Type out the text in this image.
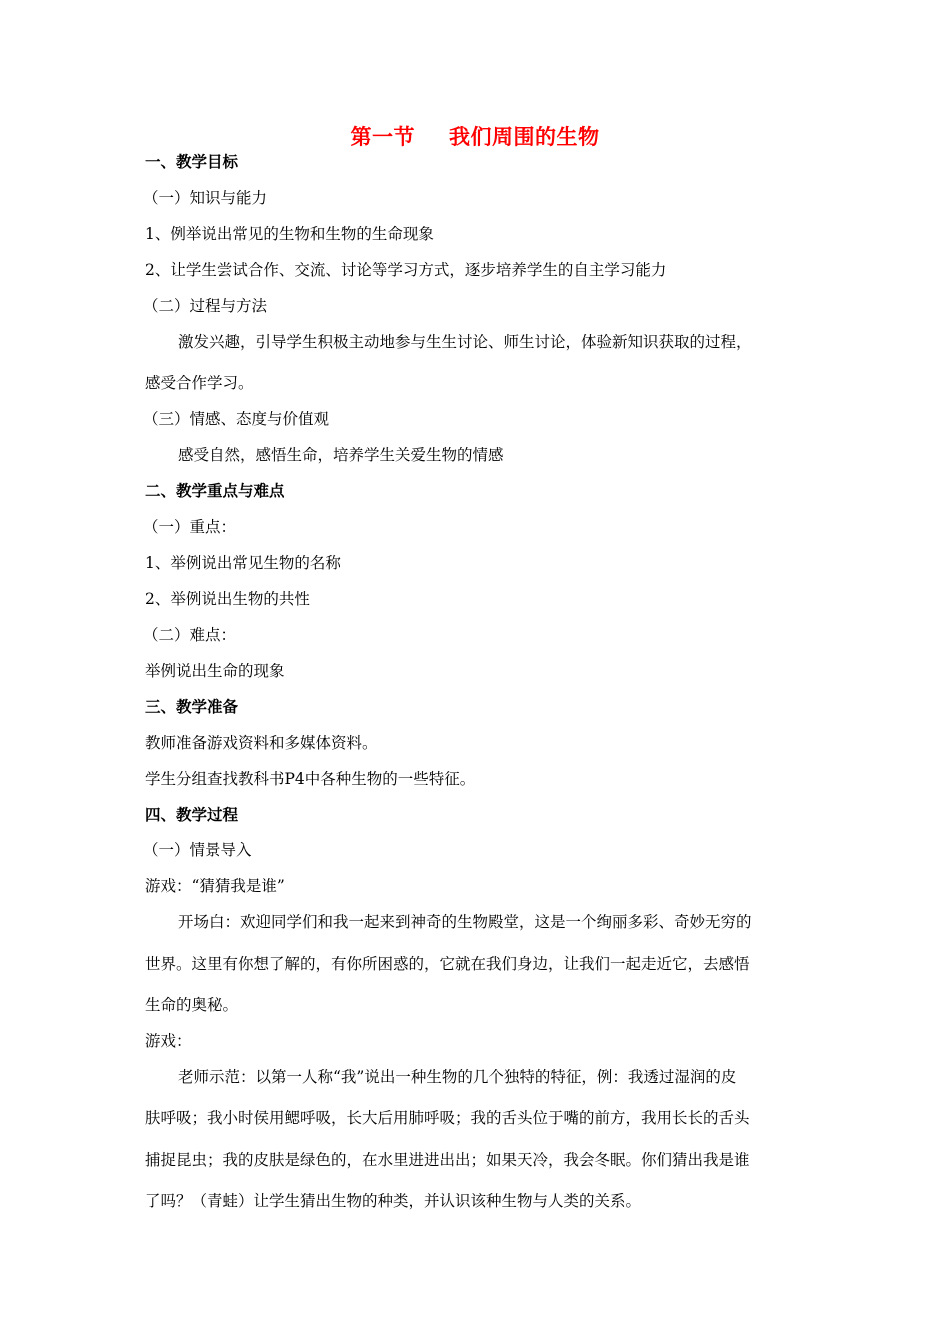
第一节 我们周围的生物
一、教学目标
（一）知识与能力
1、例举说出常见的生物和生物的生命现象
2、让学生尝试合作、交流、讨论等学习方式，逐步培养学生的自主学习能力
（二）过程与方法
激发兴趣，引导学生积极主动地参与生生讨论、师生讨论，体验新知识获取的过程，
感受合作学习。
（三）情感、态度与价值观
感受自然，感悟生命，培养学生关爱生物的情感
二、教学重点与难点
（一）重点：
1、举例说出常见生物的名称
2、举例说出生物的共性
（二）难点：
举例说出生命的现象
三、教学准备
教师准备游戏资料和多媒体资料。
学生分组查找教科书P4中各种生物的一些特征。
四、教学过程
（一）情景导入
游戏：“猜猜我是谁”
开场白：欢迎同学们和我一起来到神奇的生物殿堂，这是一个绚丽多彩、奇妙无穷的
世界。这里有你想了解的，有你所困惑的，它就在我们身边，让我们一起走近它，去感悟
生命的奥秘。
游戏：
老师示范：以第一人称“我”说出一种生物的几个独特的特征，例：我透过湿润的皮
肤呼吸；我小时侯用鳃呼吸，长大后用肺呼吸；我的舌头位于嘴的前方，我用长长的舌头
捕捉昆虫；我的皮肤是绿色的，在水里进进出出；如果天冷，我会冬眠。你们猜出我是谁
了吗？（青蛙）让学生猜出生物的种类，并认识该种生物与人类的关系。
